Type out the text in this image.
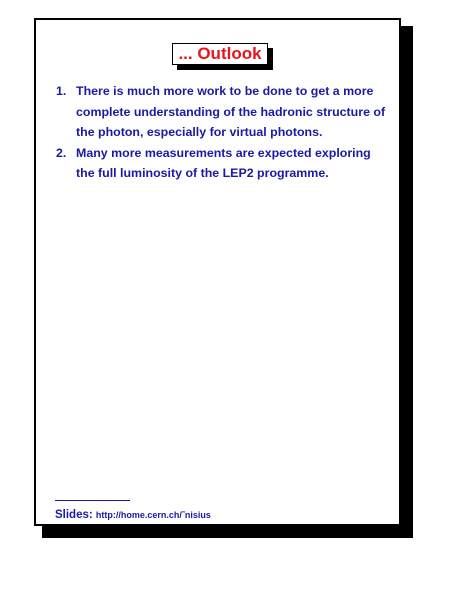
... Outlook
1. There is much more work to be done to get a more complete understanding of the hadronic structure of the photon, especially for virtual photons.
2. Many more measurements are expected exploring the full luminosity of the LEP2 programme.
Slides: http://home.cern.ch/˜nisius
